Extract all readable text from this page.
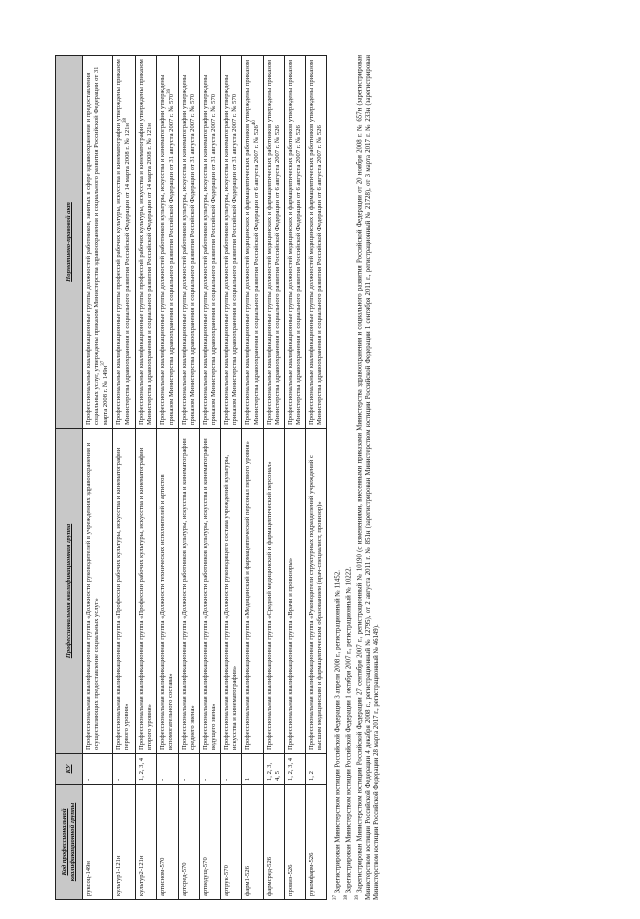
Код профессиональной квалификационной группы	КУ	Профессиональная квалификационная группа	Нормативно-правовой акт
руксоц-149н	-	Профессиональная квалификационная группа «Должности руководителей в учреждениях здравоохранения и осуществляющих предоставление социальных услуг»	Профессиональные квалификационные группы должностей работников, занятых в сфере здравоохранения и предоставления социальных услуг, утверждены приказом Министерства здравоохранения и социального развития Российской Федерации от 31 марта 2008 г. № $149н^{37}$
культур1-121н	-	Профессиональная квалификационная группа «Профессии рабочих культуры, искусства и кинематографии первого уровня»	Профессиональные квалификационные группы профессий рабочих культуры, искусства и кинематографии утверждены приказом Министерства здравоохранения и социального развития Российской Федерации от 14 марта 2008 г. № $121н^{38}$
культур2-121н	1, 2, 3, 4	Профессиональная квалификационная группа «Профессии рабочих культуры, искусства и кинематографии второго уровня»	Профессиональные квалификационные группы профессий рабочих культуры, искусства и кинематографии утверждены приказом Министерства здравоохранения и социального развития Российской Федерации от 14 марта 2008 г. № 121н
артисном-570	-	Профессиональная квалификационная группа «Должности технических исполнителей и артистов вспомогательного состава»	Профессиональные квалификационные группы должностей работников культуры, искусства и кинематографии утверждены приказом Министерства здравоохранения и социального развития Российской Федерации от 31 августа 2007 г. № $570^{39}$
артсред-570	-	Профессиональная квалификационная группа «Должности работников культуры, искусства и кинематографии среднего звена»	Профессиональные квалификационные группы должностей работников культуры, искусства и кинематографии утверждены приказом Министерства здравоохранения и социального развития Российской Федерации от 31 августа 2007 г. № 570
артведущ-570	-	Профессиональная квалификационная группа «Должности работников культуры, искусства и кинематографии ведущего звена»	Профессиональные квалификационные группы должностей работников культуры, искусства и кинематографии утверждены приказом Министерства здравоохранения и социального развития Российской Федерации от 31 августа 2007 г. № 570
артрук-570	-	Профессиональная квалификационная группа «Должности руководящего состава учреждений культуры, искусства и кинематографии»	Профессиональные квалификационные группы должностей работников культуры, искусства и кинематографии утверждены приказом Министерства здравоохранения и социального развития Российской Федерации от 31 августа 2007 г. № 570
фарм1-526	1	Профессиональная квалификационная группа «Медицинский и фармацевтический персонал первого уровня»	Профессиональные квалификационные группы должностей медицинских и фармацевтических работников утверждены приказом Министерства здравоохранения и социального развития Российской Федерации от 6 августа 2007 г. № $526^{40}$
фармсред-526	1, 2, 3, 4, 5	Профессиональная квалификационная группа «Средний медицинский и фармацевтический персонал»	Профессиональные квалификационные группы должностей медицинских и фармацевтических работников утверждены приказом Министерства здравоохранения и социального развития Российской Федерации от 6 августа 2007 г. № 526
провиз-526	1, 2, 3, 4	Профессиональная квалификационная группа «Врачи и провизоры»	Профессиональные квалификационные группы должностей медицинских и фармацевтических работников утверждены приказом Министерства здравоохранения и социального развития Российской Федерации от 6 августа 2007 г. № 526
рукомфарм-526	1, 2	Профессиональная квалификационная группа «Руководители структурных подразделений учреждений с высшим медицинским и фармацевтическим образованием (врач-специалист, провизор)»	Профессиональные квалификационные группы должностей медицинских и фармацевтических работников утверждены приказом Министерства здравоохранения и социального развития Российской Федерации от 6 августа 2007 г. № 526
$^{37}$ Зарегистрирован Министерством юстиции Российской Федерации 3 апреля 2008 г., регистрационный № 11452.
$^{38}$ Зарегистрирован Министерством юстиции Российской Федерации 1 октября 2007 г., регистрационный № 10222.
$^{39}$ Зарегистрирован Министерством юстиции Российской Федерации 27 сентября 2007 г., регистрационный № 10190 (с изменениями, внесенными приказами Министерства здравоохранения и социального развития Российской Федерации от 20 ноября 2008 г. № 657н (зарегистрирован Министерством юстиции Российской Федерации 4 декабря 2008 г., регистрационный № 12795), от 2 августа 2011 г. № 851н (зарегистрирован Министерством юстиции Российской Федерации 1 сентября 2011 г., регистрационный № 21728), от 3 марта 2017 г. № 233н (зарегистрирован Министерством юстиции Российской Федерации 28 марта 2017 г., регистрационный № 46149).
